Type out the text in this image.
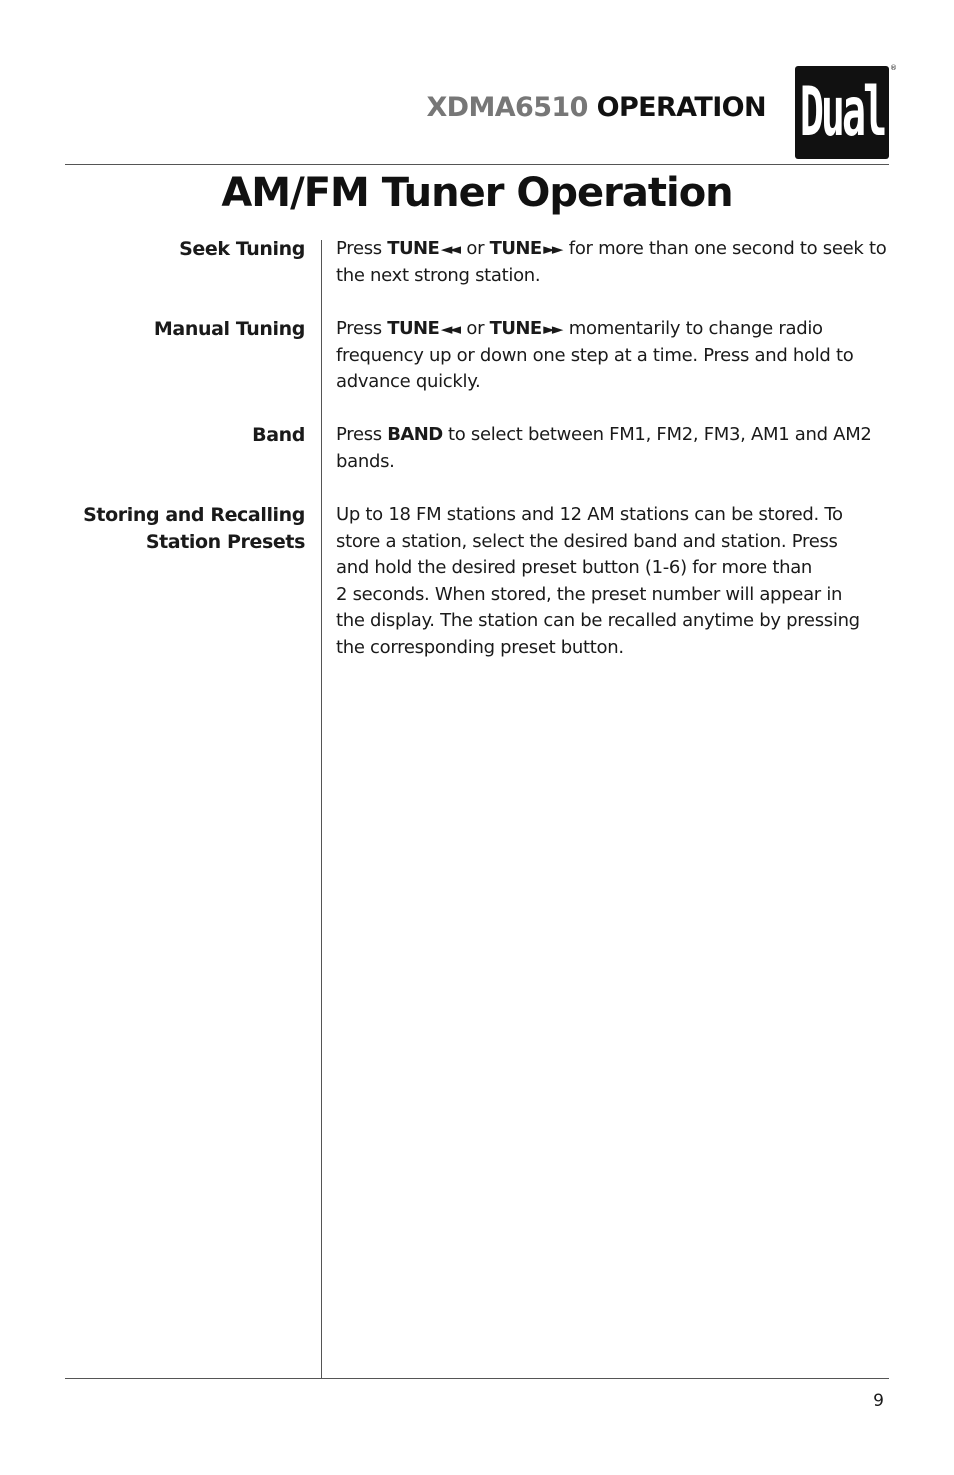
XDMA6510 OPERATION Dual
®
AM/FM Tuner Operation
Seek Tuning Press TUNE ◄◄ or TUNE ►► for more than one second to seek to the next strong station.
Manual Tuning Press TUNE ◄◄ or TUNE ►► momentarily to change radio frequency up or down one step at a time. Press and hold to advance quickly.
Band Press BAND to select between FM1, FM2, FM3, AM1 and AM2 bands.
Storing and Recalling
Station Presets
Up to 18 FM stations and 12 AM stations can be stored. To
store a station, select the desired band and station. Press
and hold the desired preset button (1-6) for more than
2 seconds. When stored, the preset number will appear in
the display. The station can be recalled anytime by pressing
the corresponding preset button.
9
